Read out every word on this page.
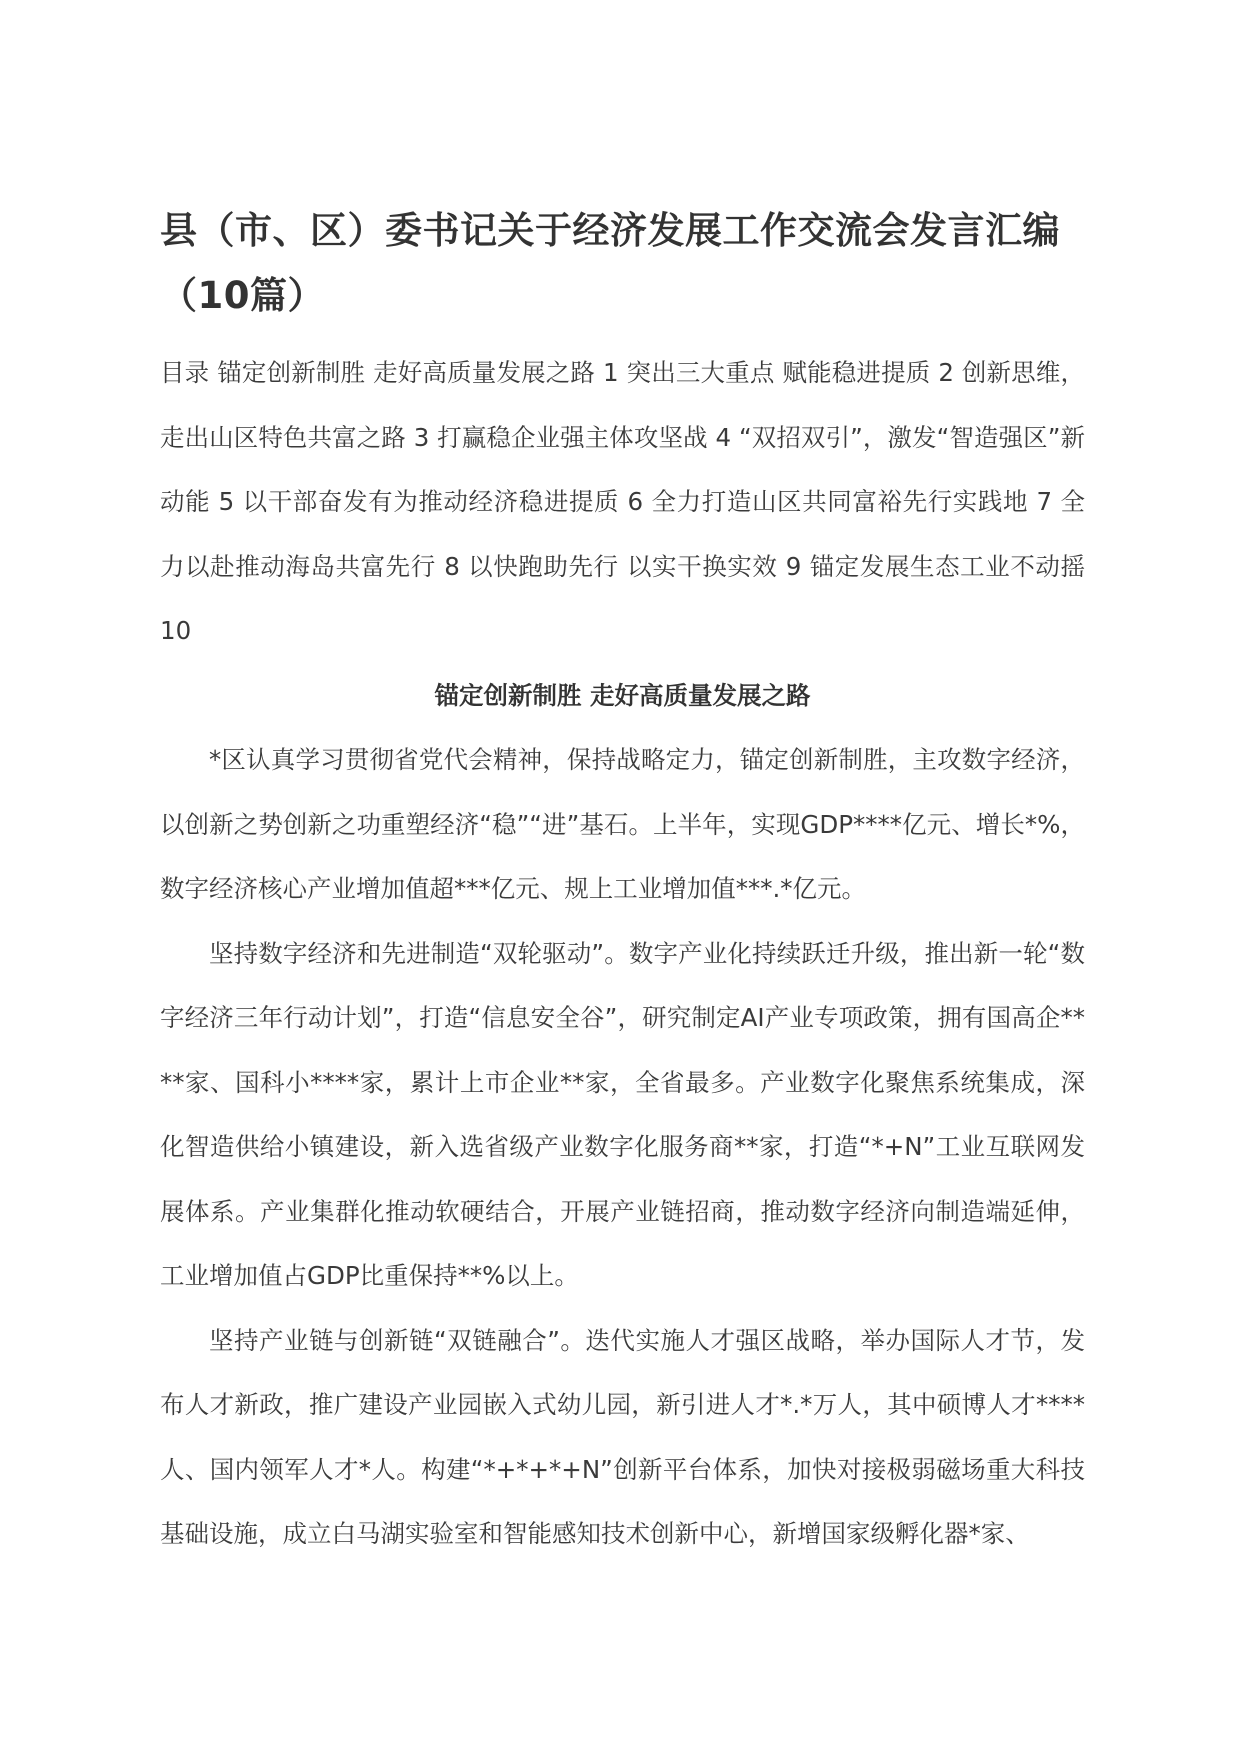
县（市、区）委书记关于经济发展工作交流会发言汇编（10篇）

目录 锚定创新制胜 走好高质量发展之路 1 突出三大重点 赋能稳进提质 2 创新思维，走出山区特色共富之路 3 打赢稳企业强主体攻坚战 4 “双招双引”，激发“智造强区”新动能 5 以干部奋发有为推动经济稳进提质 6 全力打造山区共同富裕先行实践地 7 全力以赴推动海岛共富先行 8 以快跑助先行 以实干换实效 9 锚定发展生态工业不动摇 10

锚定创新制胜 走好高质量发展之路

*区认真学习贯彻省党代会精神，保持战略定力，锚定创新制胜，主攻数字经济，以创新之势创新之功重塑经济“稳”“进”基石。上半年，实现GDP****亿元、增长*%，数字经济核心产业增加值超***亿元、规上工业增加值***.*亿元。

坚持数字经济和先进制造“双轮驱动”。数字产业化持续跃迁升级，推出新一轮“数字经济三年行动计划”，打造“信息安全谷”，研究制定AI产业专项政策，拥有国高企****家、国科小****家，累计上市企业**家，全省最多。产业数字化聚焦系统集成，深化智造供给小镇建设，新入选省级产业数字化服务商**家，打造“*+N”工业互联网发展体系。产业集群化推动软硬结合，开展产业链招商，推动数字经济向制造端延伸，工业增加值占GDP比重保持**%以上。

坚持产业链与创新链“双链融合”。迭代实施人才强区战略，举办国际人才节，发布人才新政，推广建设产业园嵌入式幼儿园，新引进人才*.*万人，其中硕博人才****人、国内领军人才*人。构建“*+*+*+N”创新平台体系，加快对接极弱磁场重大科技基础设施，成立白马湖实验室和智能感知技术创新中心，新增国家级孵化器*家、
